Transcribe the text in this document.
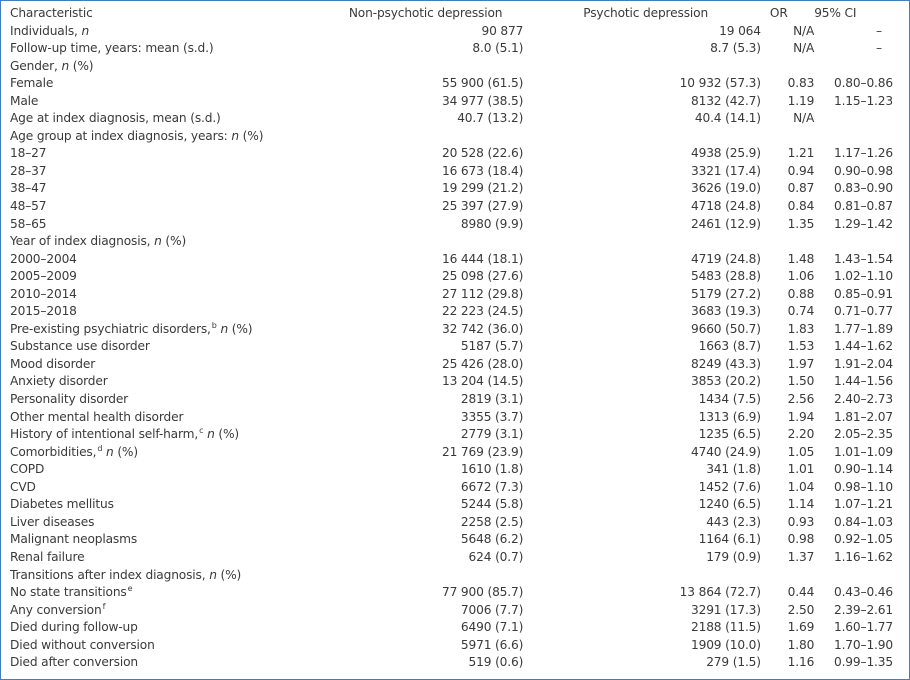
Characteristic	Non-psychotic depression	Psychotic depression	OR	95% CI
Individuals, n	90 877	19 064	N/A	–
Follow-up time, years: mean (s.d.)	8.0 (5.1)	8.7 (5.3)	N/A	–
Gender, n (%)				
Female	55 900 (61.5)	10 932 (57.3)	0.83	0.80–0.86
Male	34 977 (38.5)	8132 (42.7)	1.19	1.15–1.23
Age at index diagnosis, mean (s.d.)	40.7 (13.2)	40.4 (14.1)	N/A	
Age group at index diagnosis, years: n (%)				
18–27	20 528 (22.6)	4938 (25.9)	1.21	1.17–1.26
28–37	16 673 (18.4)	3321 (17.4)	0.94	0.90–0.98
38–47	19 299 (21.2)	3626 (19.0)	0.87	0.83–0.90
48–57	25 397 (27.9)	4718 (24.8)	0.84	0.81–0.87
58–65	8980 (9.9)	2461 (12.9)	1.35	1.29–1.42
Year of index diagnosis, n (%)				
2000–2004	16 444 (18.1)	4719 (24.8)	1.48	1.43–1.54
2005–2009	25 098 (27.6)	5483 (28.8)	1.06	1.02–1.10
2010–2014	27 112 (29.8)	5179 (27.2)	0.88	0.85–0.91
2015–2018	22 223 (24.5)	3683 (19.3)	0.74	0.71–0.77
Pre-existing psychiatric disorders,$^b$ n (%)	32 742 (36.0)	9660 (50.7)	1.83	1.77–1.89
Substance use disorder	5187 (5.7)	1663 (8.7)	1.53	1.44–1.62
Mood disorder	25 426 (28.0)	8249 (43.3)	1.97	1.91–2.04
Anxiety disorder	13 204 (14.5)	3853 (20.2)	1.50	1.44–1.56
Personality disorder	2819 (3.1)	1434 (7.5)	2.56	2.40–2.73
Other mental health disorder	3355 (3.7)	1313 (6.9)	1.94	1.81–2.07
History of intentional self-harm,$^c$ n (%)	2779 (3.1)	1235 (6.5)	2.20	2.05–2.35
Comorbidities,$^d$ n (%)	21 769 (23.9)	4740 (24.9)	1.05	1.01–1.09
COPD	1610 (1.8)	341 (1.8)	1.01	0.90–1.14
CVD	6672 (7.3)	1452 (7.6)	1.04	0.98–1.10
Diabetes mellitus	5244 (5.8)	1240 (6.5)	1.14	1.07–1.21
Liver diseases	2258 (2.5)	443 (2.3)	0.93	0.84–1.03
Malignant neoplasms	5648 (6.2)	1164 (6.1)	0.98	0.92–1.05
Renal failure	624 (0.7)	179 (0.9)	1.37	1.16–1.62
Transitions after index diagnosis, n (%)				
No state transitions$^e$	77 900 (85.7)	13 864 (72.7)	0.44	0.43–0.46
Any conversion$^f$	7006 (7.7)	3291 (17.3)	2.50	2.39–2.61
Died during follow-up	6490 (7.1)	2188 (11.5)	1.69	1.60–1.77
Died without conversion	5971 (6.6)	1909 (10.0)	1.80	1.70–1.90
Died after conversion	519 (0.6)	279 (1.5)	1.16	0.99–1.35
